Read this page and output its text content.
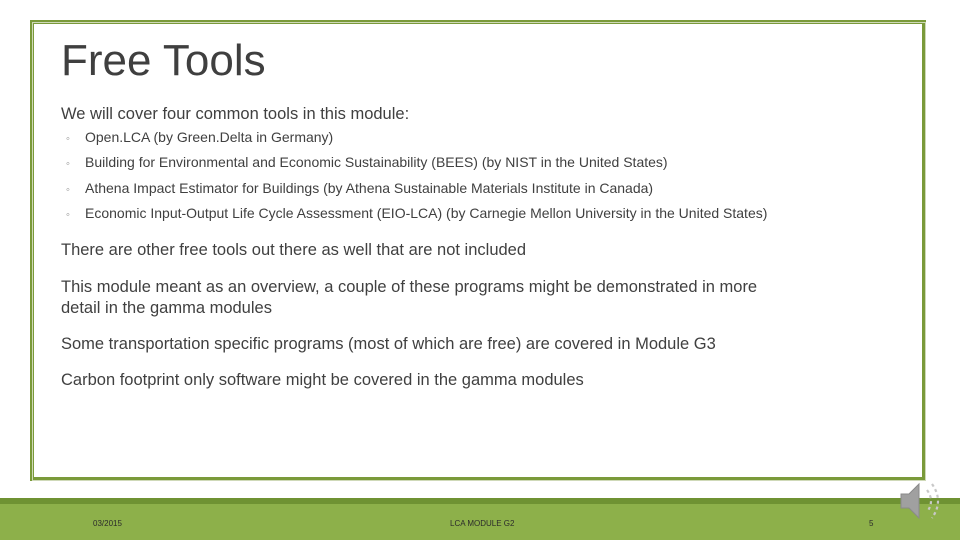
Free Tools
We will cover four common tools in this module:
◦ Open.LCA (by Green.Delta in Germany)
◦ Building for Environmental and Economic Sustainability (BEES) (by NIST in the United States)
◦ Athena Impact Estimator for Buildings (by Athena Sustainable Materials Institute in Canada)
◦ Economic Input-Output Life Cycle Assessment (EIO-LCA) (by Carnegie Mellon University in the United States)
There are other free tools out there as well that are not included
This module meant as an overview, a couple of these programs might be demonstrated in more
detail in the gamma modules
Some transportation specific programs (most of which are free) are covered in Module G3
Carbon footprint only software might be covered in the gamma modules
03/2015	LCA MODULE G2	5
